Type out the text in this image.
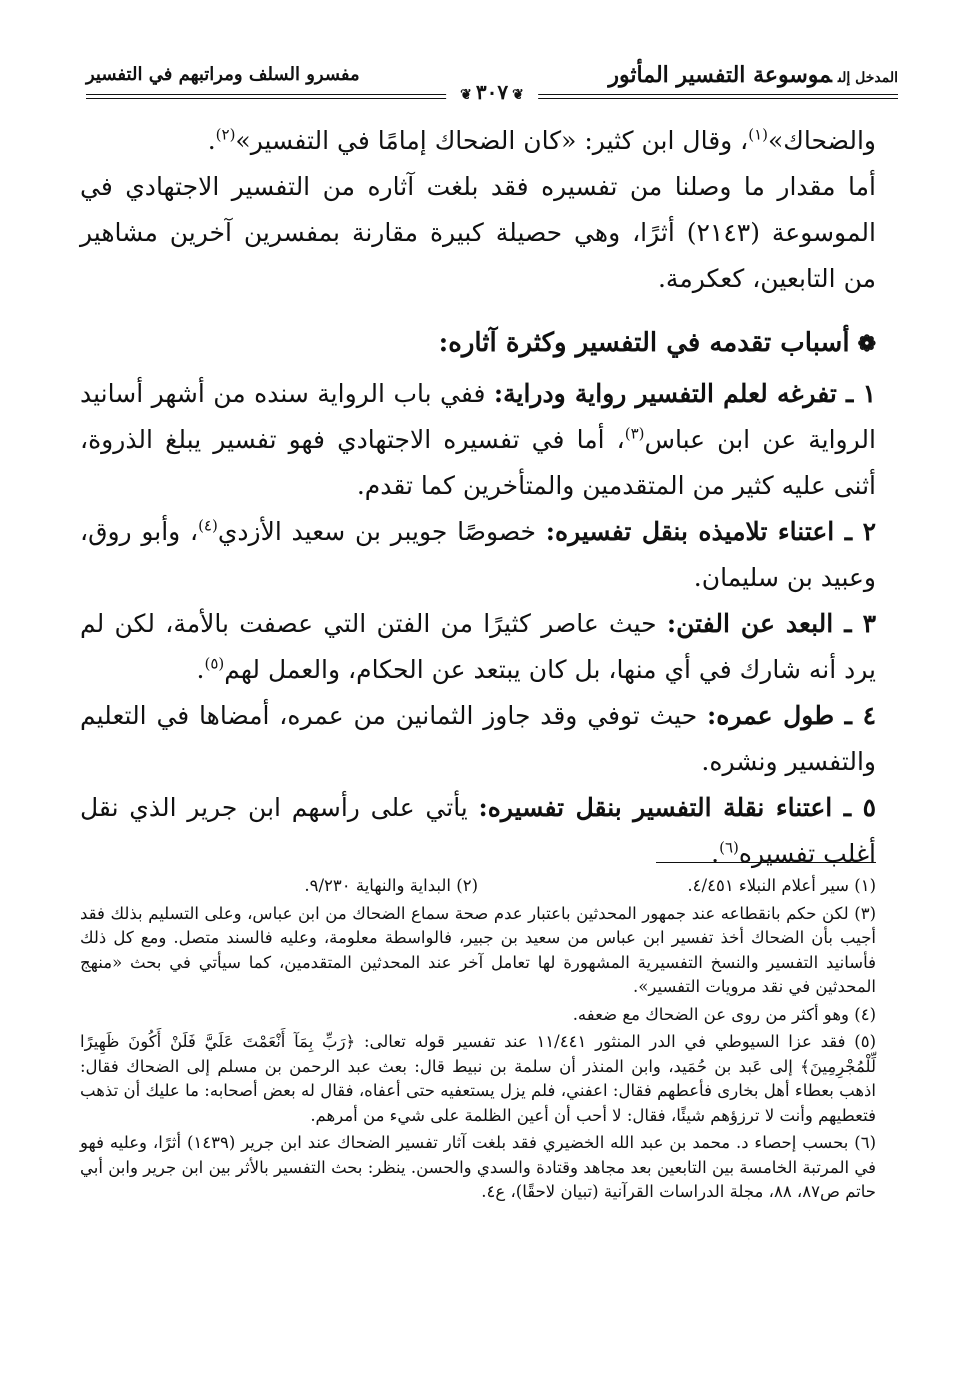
المدخل إلىموسوعة التفسير المأثور
مفسرو السلف ومراتبهم في التفسير
❦٣٠٧❦

والضحاك»$^{(١)}$، وقال ابن كثير: «كان الضحاك إمامًا في التفسير»$^{(٢)}$.

أما مقدار ما وصلنا من تفسيره فقد بلغت آثاره من التفسير الاجتهادي في الموسوعة (٢١٤٣) أثرًا، وهي حصيلة كبيرة مقارنة بمفسرين آخرين مشاهير من التابعين، كعكرمة.

❁أسباب تقدمه في التفسير وكثرة آثاره:

١ ـ تفرغه لعلم التفسير رواية ودراية: ففي باب الرواية سنده من أشهر أسانيد الرواية عن ابن عباس$^{(٣)}$، أما في تفسيره الاجتهادي فهو تفسير يبلغ الذروة، أثنى عليه كثير من المتقدمين والمتأخرين كما تقدم.

٢ ـ اعتناء تلاميذه بنقل تفسيره: خصوصًا جويبر بن سعيد الأزدي$^{(٤)}$، وأبو روق، وعبيد بن سليمان.

٣ ـ البعد عن الفتن: حيث عاصر كثيرًا من الفتن التي عصفت بالأمة، لكن لم يرد أنه شارك في أي منها، بل كان يبتعد عن الحكام، والعمل لهم$^{(٥)}$.

٤ ـ طول عمره: حيث توفي وقد جاوز الثمانين من عمره، أمضاها في التعليم والتفسير ونشره.

٥ ـ اعتناء نقلة التفسير بنقل تفسيره: يأتي على رأسهم ابن جرير الذي نقل أغلب تفسيره$^{(٦)}$.

(١) سير أعلام النبلاء ٤/٤٥١.
(٢) البداية والنهاية ٩/٢٣٠.

(٣) لكن حكم بانقطاعه عند جمهور المحدثين باعتبار عدم صحة سماع الضحاك من ابن عباس، وعلى التسليم بذلك فقد أجيب بأن الضحاك أخذ تفسير ابن عباس من سعيد بن جبير، فالواسطة معلومة، وعليه فالسند متصل. ومع كل ذلك فأسانيد التفسير والنسخ التفسيرية المشهورة لها تعامل آخر عند المحدثين المتقدمين، كما سيأتي في بحث «منهج المحدثين في نقد مرويات التفسير».

(٤) وهو أكثر من روى عن الضحاك مع ضعفه.

(٥) فقد عزا السيوطي في الدر المنثور ١١/٤٤١ عند تفسير قوله تعالى: ﴿رَبِّ بِمَآ أَنْعَمْتَ عَلَيَّ فَلَنْ أَكُونَ ظَهِيرًا لِّلْمُجْرِمِينَ﴾ إلى عَبد بن حُمَيد، وابن المنذر أن سلمة بن نبيط قال: بعث عبد الرحمن بن مسلم إلى الضحاك فقال: اذهب بعطاء أهل بخارى فأعطهم فقال: اعفني، فلم يزل يستعفيه حتى أعفاه، فقال له بعض أصحابه: ما عليك أن تذهب فتعطيهم وأنت لا ترزؤهم شيئًا، فقال: لا أحب أن أعين الظلمة على شيء من أمرهم.

(٦) بحسب إحصاء د. محمد بن عبد الله الخضيري فقد بلغت آثار تفسير الضحاك عند ابن جرير (١٤٣٩) أثرًا، وعليه فهو في المرتبة الخامسة بين التابعين بعد مجاهد وقتادة والسدي والحسن. ينظر: بحث التفسير بالأثر بين ابن جرير وابن أبي حاتم ص٨٧، ٨٨، مجلة الدراسات القرآنية (تبيان لاحقًا)، ع٤.
